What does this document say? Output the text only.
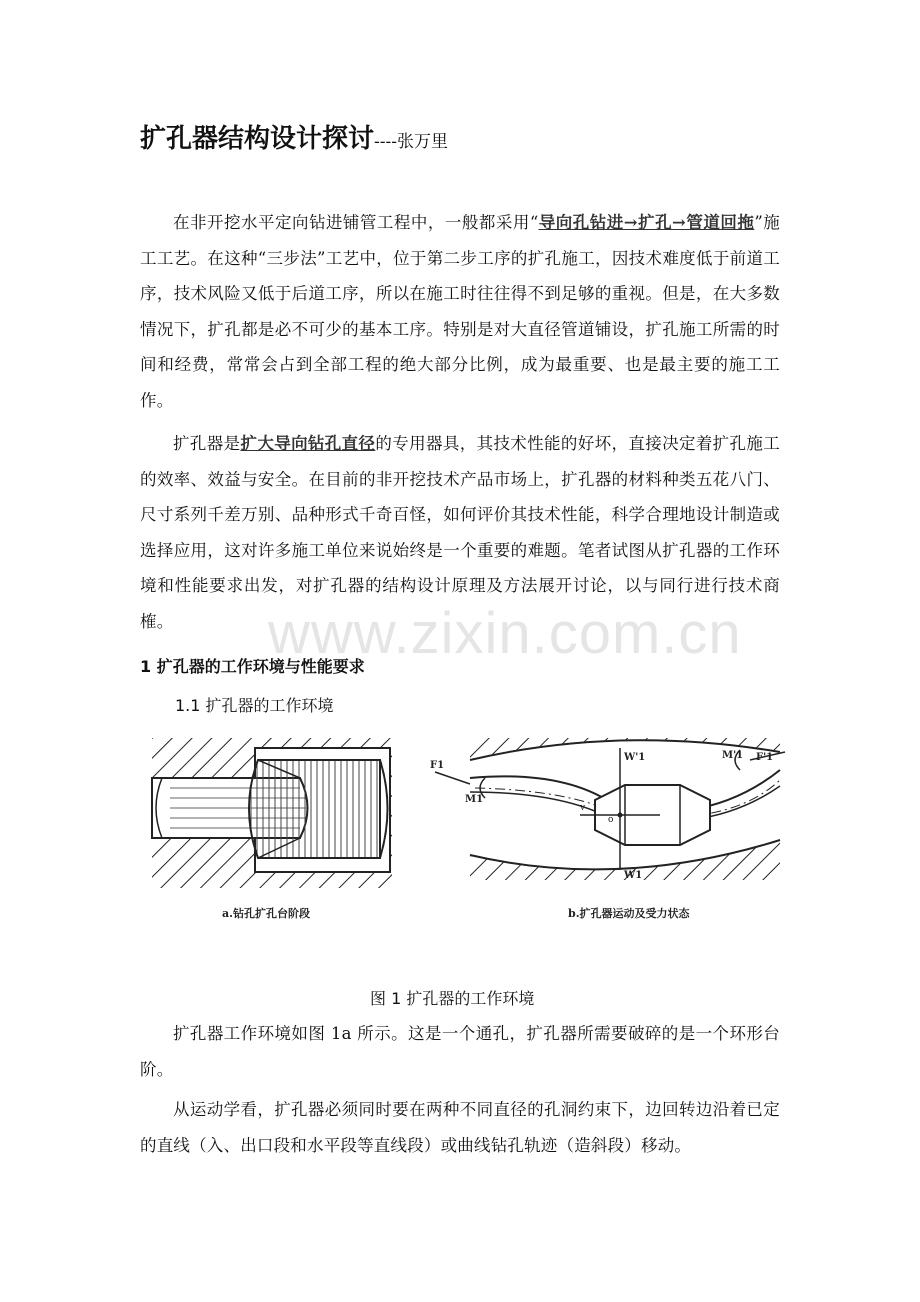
扩孔器结构设计探讨----张万里

在非开挖水平定向钻进铺管工程中，一般都采用“导向孔钻进→扩孔→管道回拖”施工工艺。在这种“三步法”工艺中，位于第二步工序的扩孔施工，因技术难度低于前道工序，技术风险又低于后道工序，所以在施工时往往得不到足够的重视。但是，在大多数情况下，扩孔都是必不可少的基本工序。特别是对大直径管道铺设，扩孔施工所需的时间和经费，常常会占到全部工程的绝大部分比例，成为最重要、也是最主要的施工工作。

扩孔器是扩大导向钻孔直径的专用器具，其技术性能的好坏，直接决定着扩孔施工的效率、效益与安全。在目前的非开挖技术产品市场上，扩孔器的材料种类五花八门、尺寸系列千差万别、品种形式千奇百怪，如何评价其技术性能，科学合理地设计制造或选择应用，这对许多施工单位来说始终是一个重要的难题。笔者试图从扩孔器的工作环境和性能要求出发，对扩孔器的结构设计原理及方法展开讨论，以与同行进行技术商榷。

1 扩孔器的工作环境与性能要求
1.1 扩孔器的工作环境
F1
M1
W'1
W1
M'1 F'1
v
o
a.钻孔扩孔台阶段	b.扩孔器运动及受力状态
图 1 扩孔器的工作环境

扩孔器工作环境如图 1a 所示。这是一个通孔，扩孔器所需要破碎的是一个环形台阶。

从运动学看，扩孔器必须同时要在两种不同直径的孔洞约束下，边回转边沿着已定的直线（入、出口段和水平段等直线段）或曲线钻孔轨迹（造斜段）移动。

www.zixin.com.cn
